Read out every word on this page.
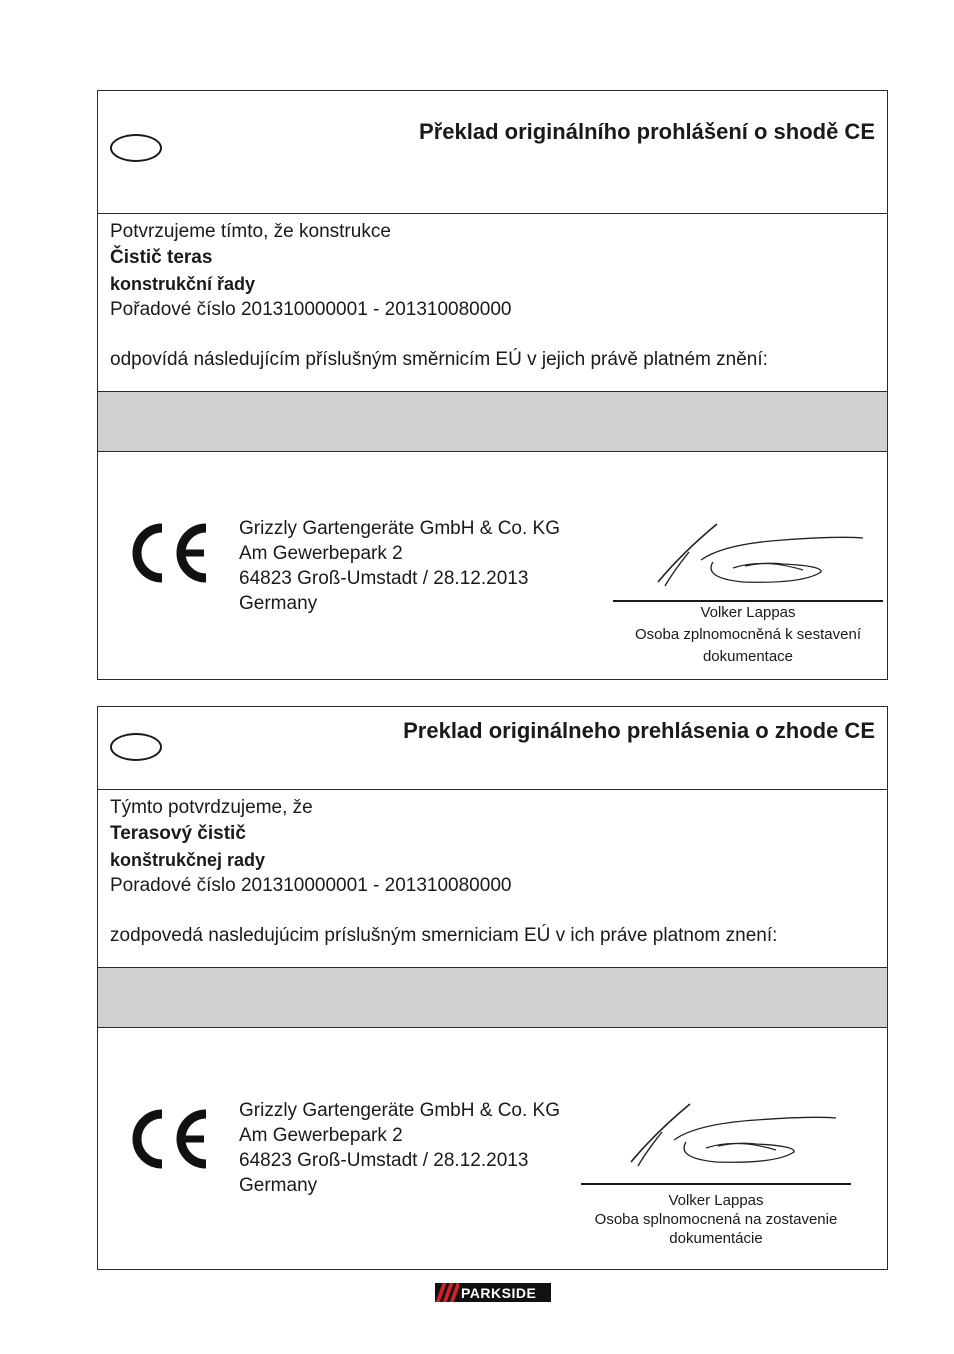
Překlad originálního prohlášení o shodě CE
Potvrzujeme tímto, že konstrukce
Čistič teras
konstrukční řady
Pořadové číslo 201310000001 - 201310080000
odpovídá následujícím příslušným směrnicím EÚ v jejich právě platném znění:
Grizzly Gartengeräte GmbH & Co. KG
Am Gewerbepark 2
64823 Groß-Umstadt / 28.12.2013
Germany	Volker Lappas
Osoba zplnomocněná k sestavení
dokumentace
Preklad originálneho prehlásenia o zhode CE
Týmto potvrdzujeme, že
Terasový čistič
konštrukčnej rady
Poradové číslo 201310000001 - 201310080000
zodpovedá nasledujúcim príslušným smerniciam EÚ v ich práve platnom znení:
Grizzly Gartengeräte GmbH & Co. KG
Am Gewerbepark 2
64823 Groß-Umstadt / 28.12.2013
Germany
Volker Lappas
Osoba splnomocnená na zostavenie
dokumentácie
PARKSIDE
